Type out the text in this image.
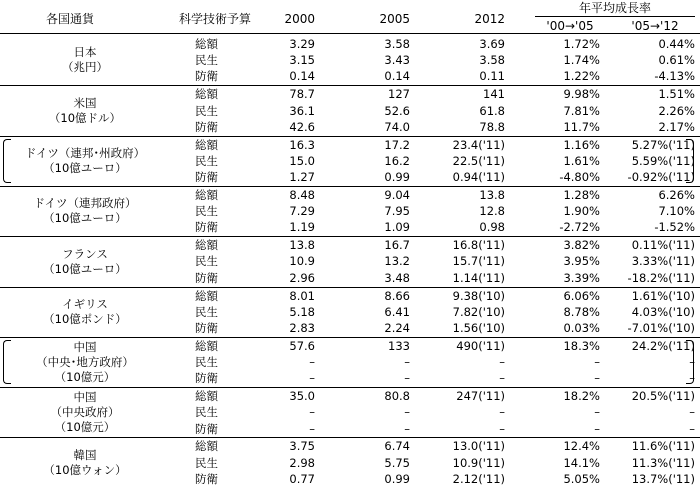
各国通貨	科学技術予算	2000	2005	2012
年平均成長率
'00→'05	'05→'12
日本
（兆円）
総額	3.29	3.58	3.69	1.72%	0.44%
民生	3.15	3.43	3.58	1.74%	0.61%
防衛	0.14	0.14	0.11	1.22%	-4.13%
米国
（10億ドル）
総額	78.7	127	141	9.98%	1.51%
民生	36.1	52.6	61.8	7.81%	2.26%
防衛	42.6	74.0	78.8	11.7%	2.17%
ドイツ（連邦･州政府）
（10億ユーロ）
総額	16.3	17.2	23.4('11)	1.16%	5.27%('11)
民生	15.0	16.2	22.5('11)	1.61%	5.59%('11)
防衛	1.27	0.99	0.94('11)	-4.80%	-0.92%('11)
ドイツ（連邦政府）
（10億ユーロ）
総額	8.48	9.04	13.8	1.28%	6.26%
民生	7.29	7.95	12.8	1.90%	7.10%
防衛	1.19	1.09	0.98	-2.72%	-1.52%
フランス
（10億ユーロ）
総額	13.8	16.7	16.8('11)	3.82%	0.11%('11)
民生	10.9	13.2	15.7('11)	3.95%	3.33%('11)
防衛	2.96	3.48	1.14('11)	3.39%	-18.2%('11)
イギリス
（10億ポンド）
総額	8.01	8.66	9.38('10)	6.06%	1.61%('10)
民生	5.18	6.41	7.82('10)	8.78%	4.03%('10)
防衛	2.83	2.24	1.56('10)	0.03%	-7.01%('10)
中国
（中央･地方政府）
（10億元）
総額	57.6	133	490('11)	18.3%	24.2%('11)
民生	–	–	–	–	–
防衛	–	–	–	–	–
中国
（中央政府）
（10億元）
総額	35.0	80.8	247('11)	18.2%	20.5%('11)
民生	–	–	–	–	–
防衛	–	–	–	–	–
韓国
（10億ウォン）
総額	3.75	6.74	13.0('11)	12.4%	11.6%('11)
民生	2.98	5.75	10.9('11)	14.1%	11.3%('11)
防衛	0.77	0.99	2.12('11)	5.05%	13.7%('11)
